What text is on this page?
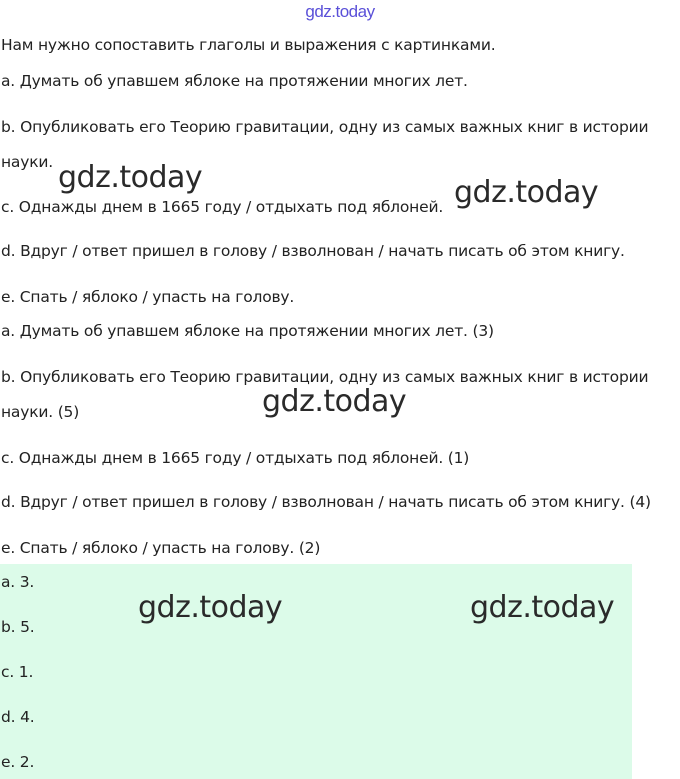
gdz.today

Нам нужно сопоставить глаголы и выражения с картинками.

a. Думать об упавшем яблоке на протяжении многих лет.

b. Опубликовать его Теорию гравитации, одну из самых важных книг в истории

науки.

c. Однажды днем в 1665 году / отдыхать под яблоней.

d. Вдруг / ответ пришел в голову / взволнован / начать писать об этом книгу.

e. Спать / яблоко / упасть на голову.

a. Думать об упавшем яблоке на протяжении многих лет. (3)

b. Опубликовать его Теорию гравитации, одну из самых важных книг в истории

науки. (5)

c. Однажды днем в 1665 году / отдыхать под яблоней. (1)

d. Вдруг / ответ пришел в голову / взволнован / начать писать об этом книгу. (4)

e. Спать / яблоко / упасть на голову. (2)

a. 3.

b. 5.

c. 1.

d. 4.

e. 2.

gdz.today	gdz.today
gdz.today
gdz.today	gdz.today
